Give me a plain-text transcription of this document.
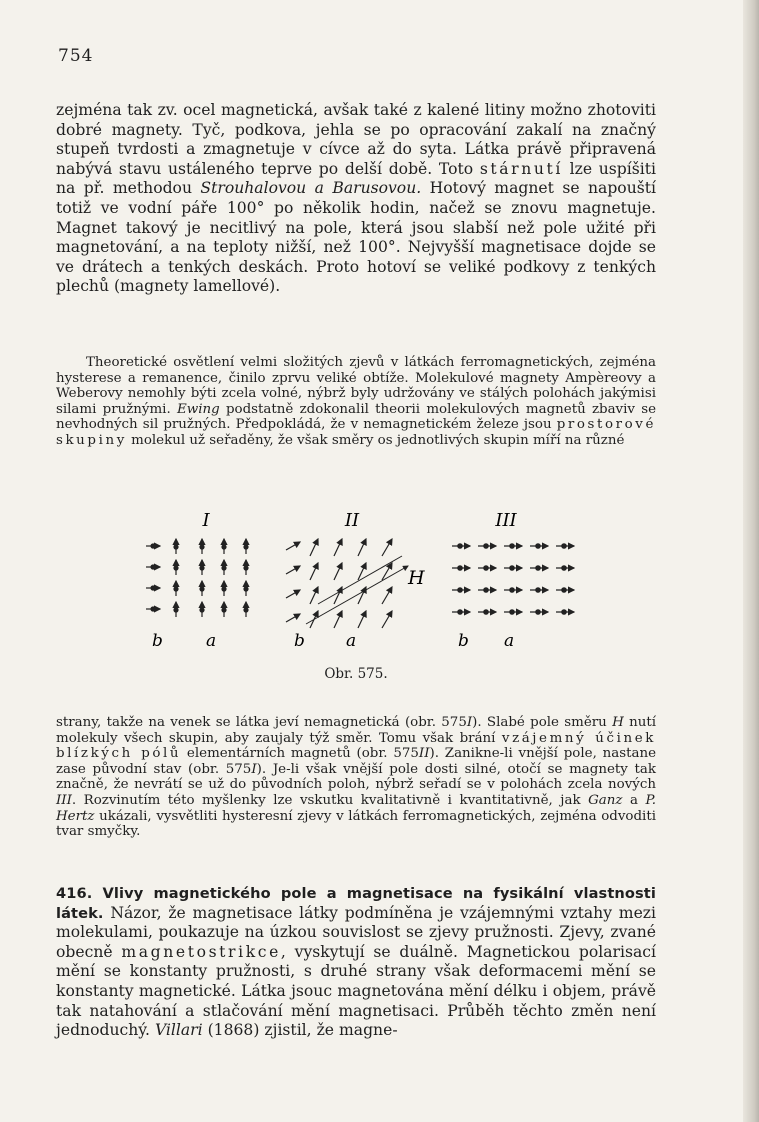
754

zejména tak zv. ocel magnetická, avšak také z kalené litiny možno zhotoviti dobré magnety. Tyč, podkova, jehla se po opracování zakalí na značný stupeň tvrdosti a zmagnetuje v cívce až do syta. Látka právě připravená nabývá stavu ustáleného teprve po delší době. Toto stárnutí lze uspíšiti na př. methodou Strouhalovou a Barusovou. Hotový magnet se napouští totiž ve vodní páře 100° po několik hodin, načež se znovu magnetuje. Magnet takový je necitlivý na pole, která jsou slabší než pole užité při magnetování, a na teploty nižší, než 100°. Nejvyšší magnetisace dojde se ve drátech a tenkých deskách. Proto hotoví se veliké podkovy z tenkých plechů (magnety lamellové).

Theoretické osvětlení velmi složitých zjevů v látkách ferromagnetických, zejména hysterese a remanence, činilo zprvu veliké obtíže. Molekulové magnety Ampèreovy a Weberovy nemohly býti zcela volné, nýbrž byly udržovány ve stálých polohách jakýmisi silami pružnými. Ewing podstatně zdokonalil theorii molekulových magnetů zbaviv se nevhodných sil pružných. Předpokládá, že v nemagnetickém železe jsou prostorové skupiny molekul už seřaděny, že však směry os jednotlivých skupin míří na různé

I
b	a
II
H
b a
III
b a
Obr. 575.

strany, takže na venek se látka jeví nemagnetická (obr. 575I). Slabé pole směru H nutí molekuly všech skupin, aby zaujaly týž směr. Tomu však brání vzájemný účinek blízkých pólů elementárních magnetů (obr. 575II). Zanikne-li vnější pole, nastane zase původní stav (obr. 575I). Je-li však vnější pole dosti silné, otočí se magnety tak značně, že nevrátí se už do původních poloh, nýbrž seřadí se v polohách zcela nových III. Rozvinutím této myšlenky lze vskutku kvalitativně i kvantitativně, jak Ganz a P. Hertz ukázali, vysvětliti hysteresní zjevy v látkách ferromagnetických, zejména odvoditi tvar smyčky.

416. Vlivy magnetického pole a magnetisace na fysikální vlastnosti látek. Názor, že magnetisace látky podmíněna je vzájemnými vztahy mezi molekulami, poukazuje na úzkou souvislost se zjevy pružnosti. Zjevy, zvané obecně magnetostrikce, vyskytují se duálně. Magnetickou polarisací mění se konstanty pružnosti, s druhé strany však deformacemi mění se konstanty magnetické. Látka jsouc magnetována mění délku i objem, právě tak natahování a stlačování mění magnetisaci. Průběh těchto změn není jednoduchý. Villari (1868) zjistil, že magne-
